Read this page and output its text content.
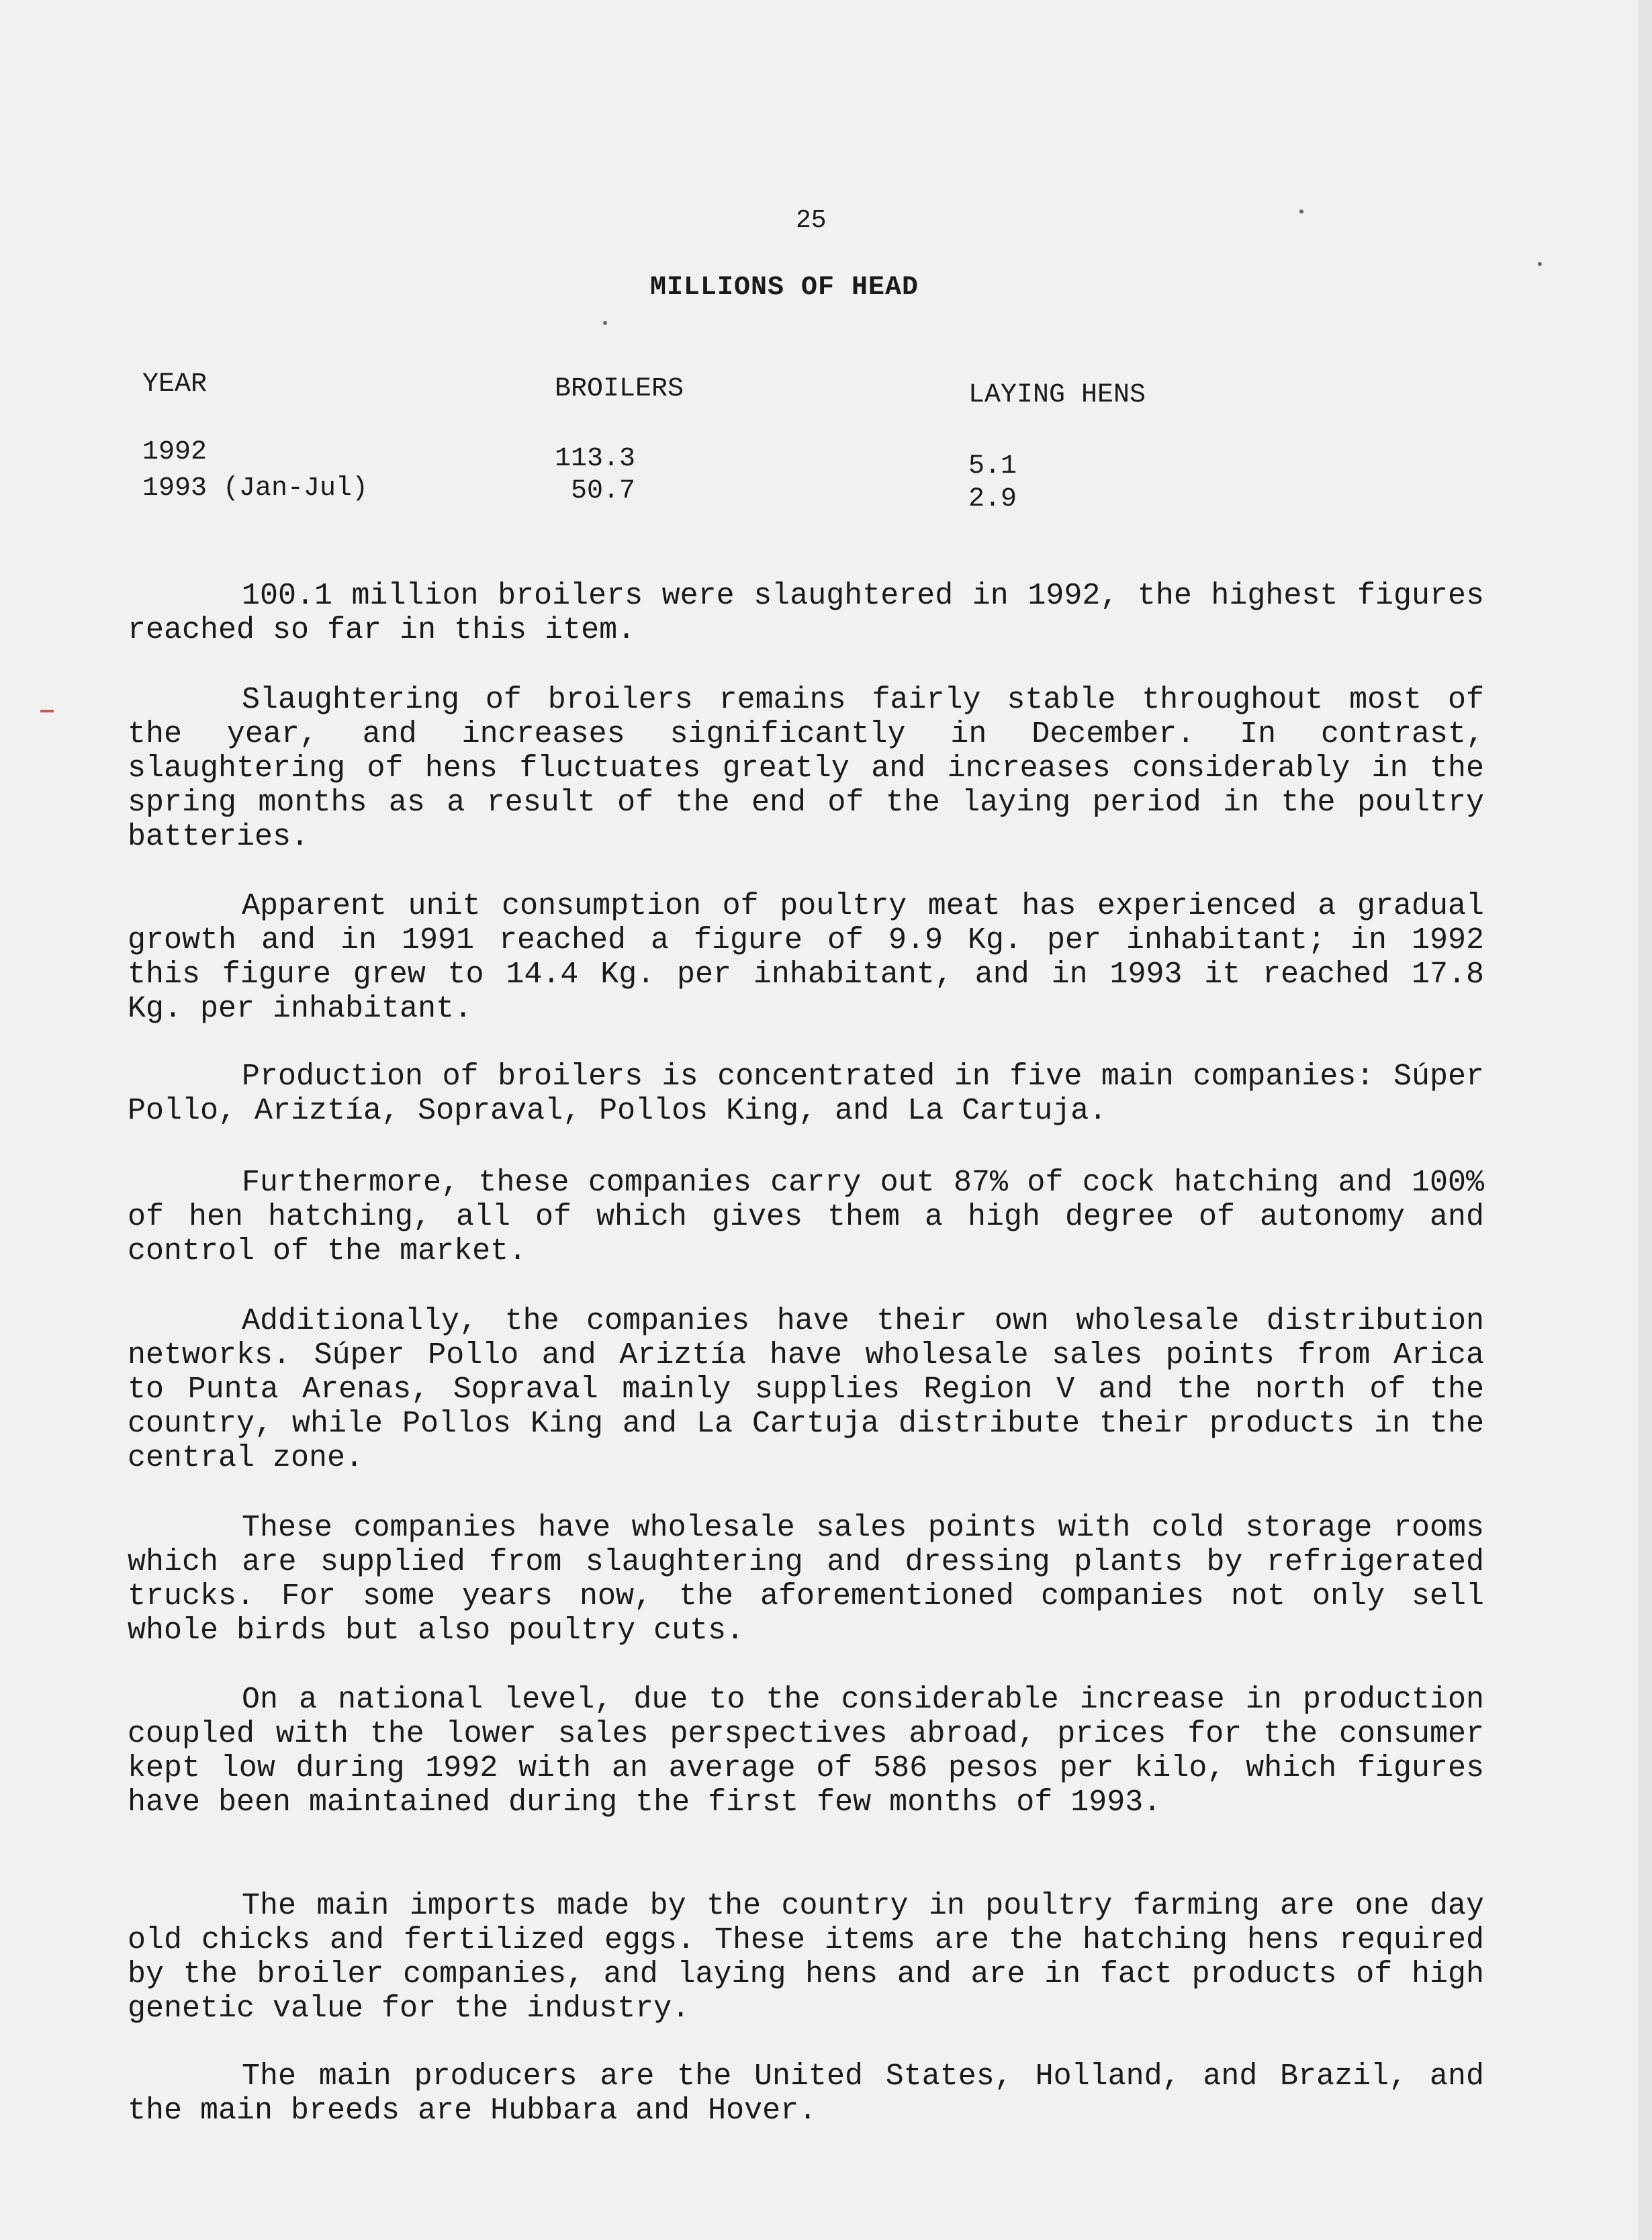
25
MILLIONS OF HEAD
YEAR	BROILERS	LAYING HENS
1992	113.3	5.1
1993 (Jan-Jul)	50.7	2.9

100.1 million broilers were slaughtered in 1992, the highest figures reached so far in this item.

Slaughtering of broilers remains fairly stable throughout most of the year, and increases significantly in December. In contrast, slaughtering of hens fluctuates greatly and increases considerably in the spring months as a result of the end of the laying period in the poultry batteries.

Apparent unit consumption of poultry meat has experienced a gradual growth and in 1991 reached a figure of 9.9 Kg. per inhabitant; in 1992 this figure grew to 14.4 Kg. per inhabitant, and in 1993 it reached 17.8 Kg. per inhabitant.

Production of broilers is concentrated in five main companies: Súper Pollo, Ariztía, Sopraval, Pollos King, and La Cartuja.

Furthermore, these companies carry out 87% of cock hatching and 100% of hen hatching, all of which gives them a high degree of autonomy and control of the market.

Additionally, the companies have their own wholesale distribution networks. Súper Pollo and Ariztía have wholesale sales points from Arica to Punta Arenas, Sopraval mainly supplies Region V and the north of the country, while Pollos King and La Cartuja distribute their products in the central zone.

These companies have wholesale sales points with cold storage rooms which are supplied from slaughtering and dressing plants by refrigerated trucks. For some years now, the aforementioned companies not only sell whole birds but also poultry cuts.

On a national level, due to the considerable increase in production coupled with the lower sales perspectives abroad, prices for the consumer kept low during 1992 with an average of 586 pesos per kilo, which figures have been maintained during the first few months of 1993.

The main imports made by the country in poultry farming are one day old chicks and fertilized eggs. These items are the hatching hens required by the broiler companies, and laying hens and are in fact products of high genetic value for the industry.

The main producers are the United States, Holland, and Brazil, and the main breeds are Hubbara and Hover.
